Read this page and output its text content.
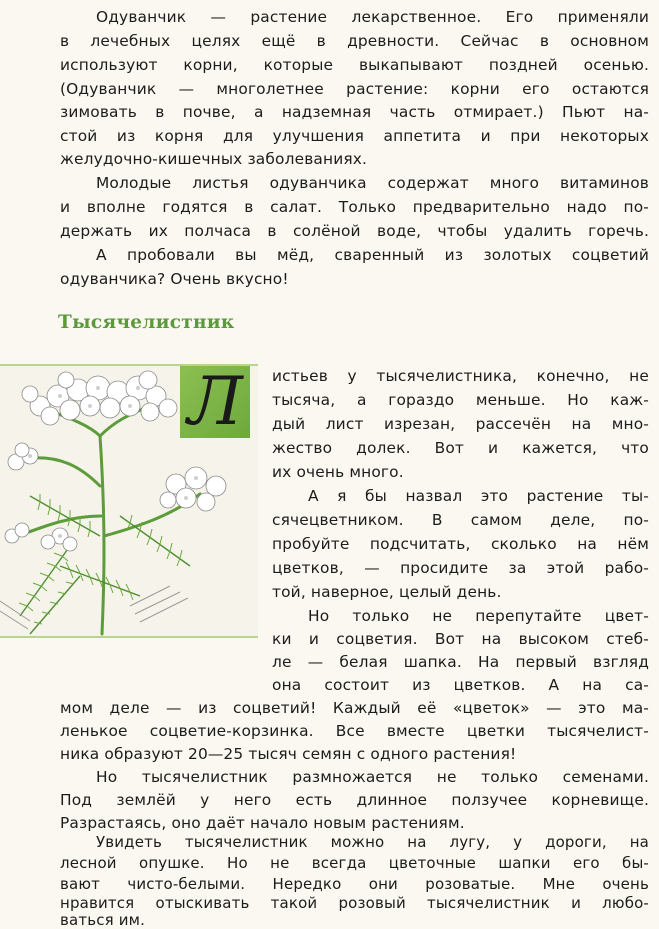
Одуванчик — растение лекарственное. Его применяли
в лечебных целях ещё в древности. Сейчас в основном
используют корни, которые выкапывают поздней осенью.
(Одуванчик — многолетнее растение: корни его остаются
зимовать в почве, а надземная часть отмирает.) Пьют на-
стой из корня для улучшения аппетита и при некоторых
желудочно-кишечных заболеваниях.
Молодые листья одуванчика содержат много витаминов
и вполне годятся в салат. Только предварительно надо по-
держать их полчаса в солёной воде, чтобы удалить горечь.
А пробовали вы мёд, сваренный из золотых соцветий
одуванчика? Очень вкусно!
Тысячелистник
Л	истьев у тысячелистника, конечно, не
тысяча, а гораздо меньше. Но каж-
дый лист изрезан, рассечён на мно-
жество долек. Вот и кажется, что
их очень много.
А я бы назвал это растение ты-
сячецветником. В самом деле, по-
пробуйте подсчитать, сколько на нём
цветков, — просидите за этой рабо-
той, наверное, целый день.
Но только не перепутайте цвет-
ки и соцветия. Вот на высоком стеб-
ле — белая шапка. На первый взгляд
она состоит из цветков. А на са-
мом деле — из соцветий! Каждый её «цветок» — это ма-
ленькое соцветие-корзинка. Все вместе цветки тысячелист-
ника образуют 20—25 тысяч семян с одного растения!
Но тысячелистник размножается не только семенами.
Под землёй у него есть длинное ползучее корневище.
Разрастаясь, оно даёт начало новым растениям.
Увидеть тысячелистник можно на лугу, у дороги, на
лесной опушке. Но не всегда цветочные шапки его бы-
вают чисто-белыми. Нередко они розоватые. Мне очень
нравится отыскивать такой розовый тысячелистник и любо-
ваться им.
